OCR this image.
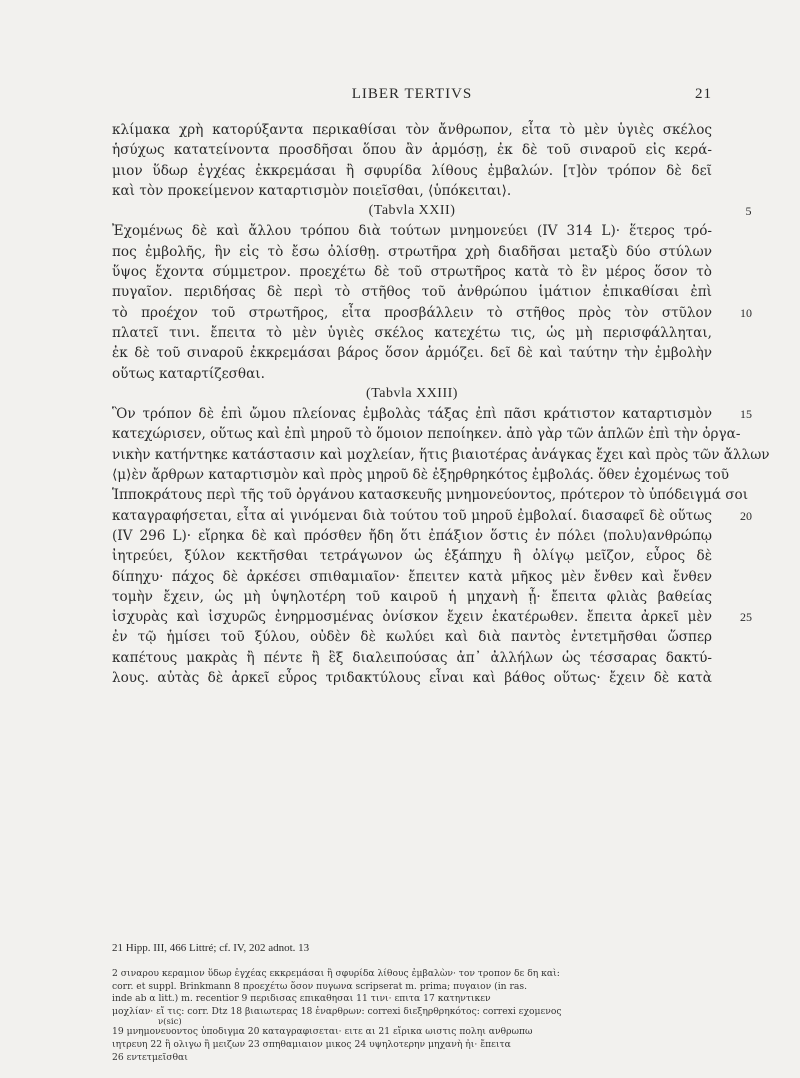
LIBER TERTIVS	21
κλίμακα χρὴ κατορύξαντα περικαθίσαι τὸν ἄνθρωπον, εἶτα τὸ μὲν ὑγιὲς σκέλος
ἡσύχως κατατείνοντα προσδῆσαι ὅπου ἂν ἁρμόσῃ, ἐκ δὲ τοῦ σιναροῦ εἰς κερά-
μιον ὕδωρ ἐγχέας ἐκκρεμάσαι ἢ σφυρίδα λίθους ἐμβαλών. [τ]ὸν τρόπον δὲ δεῖ
καὶ τὸν προκείμενον καταρτισμὸν ποιεῖσθαι, ⟨ὑπόκειται⟩.
(Tabvla XXII)	5
Ἐχομένως δὲ καὶ ἄλλου τρόπου διὰ τούτων μνημονεύει (IV 314 L)· ἕτερος τρό-
πος ἐμβολῆς, ἣν εἰς τὸ ἔσω ὀλίσθῃ. στρωτῆρα χρὴ διαδῆσαι μεταξὺ δύο στύλων
ὕψος ἔχοντα σύμμετρον. προεχέτω δὲ τοῦ στρωτῆρος κατὰ τὸ ἓν μέρος ὅσον τὸ
πυγαῖον. περιδήσας δὲ περὶ τὸ στῆθος τοῦ ἀνθρώπου ἱμάτιον ἐπικαθίσαι ἐπὶ
τὸ προέχον τοῦ στρωτῆρος, εἶτα προσβάλλειν τὸ στῆθος πρὸς τὸν στῦλον 10
πλατεῖ τινι. ἔπειτα τὸ μὲν ὑγιὲς σκέλος κατεχέτω τις, ὡς μὴ περισφάλληται,
ἐκ δὲ τοῦ σιναροῦ ἐκκρεμάσαι βάρος ὅσον ἁρμόζει. δεῖ δὲ καὶ ταύτην τὴν ἐμβολὴν
οὕτως καταρτίζεσθαι.
(Tabvla XXIII)
Ὃν τρόπον δὲ ἐπὶ ὤμου πλείονας ἐμβολὰς τάξας ἐπὶ πᾶσι κράτιστον καταρτισμὸν 15
κατεχώρισεν, οὕτως καὶ ἐπὶ μηροῦ τὸ ὅμοιον πεποίηκεν. ἀπὸ γὰρ τῶν ἁπλῶν ἐπὶ τὴν ὀργα-
νικὴν κατήντηκε κατάστασιν καὶ μοχλείαν, ἥτις βιαιοτέρας ἀνάγκας ἔχει καὶ πρὸς τῶν ἄλλων
⟨μ⟩ὲν ἄρθρων καταρτισμὸν καὶ πρὸς μηροῦ δὲ ἐξηρθρηκότος ἐμβολάς. ὅθεν ἐχομένως τοῦ
Ἱπποκράτους περὶ τῆς τοῦ ὀργάνου κατασκευῆς μνημονεύοντος, πρότερον τὸ ὑπόδειγμά σοι
καταγραφήσεται, εἶτα αἱ γινόμεναι διὰ τούτου τοῦ μηροῦ ἐμβολαί. διασαφεῖ δὲ οὕτως 20
(IV 296 L)· εἴρηκα δὲ καὶ πρόσθεν ἤδη ὅτι ἐπάξιον ὅστις ἐν πόλει ⟨πολυ⟩ανθρώπῳ
ἰητρεύει, ξύλον κεκτῆσθαι τετράγωνον ὡς ἑξάπηχυ ἢ ὀλίγῳ μεῖζον, εὖρος δὲ
δίπηχυ· πάχος δὲ ἀρκέσει σπιθαμιαῖον· ἔπειτεν κατὰ μῆκος μὲν ἔνθεν καὶ ἔνθεν
τομὴν ἔχειν, ὡς μὴ ὑψηλοτέρη τοῦ καιροῦ ἡ μηχανὴ ᾖ· ἔπειτα φλιὰς βαθείας
ἰσχυρὰς καὶ ἰσχυρῶς ἐνηρμοσμένας ὀνίσκον ἔχειν ἑκατέρωθεν. ἔπειτα ἀρκεῖ μὲν 25
ἐν τῷ ἡμίσει τοῦ ξύλου, οὐδὲν δὲ κωλύει καὶ διὰ παντὸς ἐντετμῆσθαι ὥσπερ
καπέτους μακρὰς ἢ πέντε ἢ ἓξ διαλειπούσας ἀπ᾽ ἀλλήλων ὡς τέσσαρας δακτύ-
λους. αὐτὰς δὲ ἀρκεῖ εὖρος τριδακτύλους εἶναι καὶ βάθος οὕτως· ἔχειν δὲ κατὰ
21 Hipp. III, 466 Littré; cf. IV, 202 adnot. 13
2 σιναρου κεραμιον ὕδωρ ἐγχέας εκκρεμάσαι ἢ σφυρίδα λίθους ἐμβαλὼν· τον τροπον δε δη καὶ:
corr. et suppl. Brinkmann 8 προεχέτω ὅσον πυγωνα scripserat m. prima; πυγαιον (in ras.
inde ab α litt.) m. recentior 9 περιδισας επικαθησαι 11 τινι· επιτα 17 κατηντικεν
μοχλίαν· εἴ τις: corr. Dtz 18 βιαιωτερας 18 ἐναρθρων: correxi διεξηρθρηκότος: correxi εχομενος
ν(sic)
19 μνημονευοντος ὑποδιγμα 20 καταγραφισεται· ειτε αι 21 εἴρικα ωιστις ποληι ανθρωπω
ιητρευη 22 ἢ ολιγω ἢ μειζων 23 σπηθαμιαιον μικος 24 υψηλοτερην μηχανὴ ἠι· ἔπειτα
26 εντετμεῖσθαι
